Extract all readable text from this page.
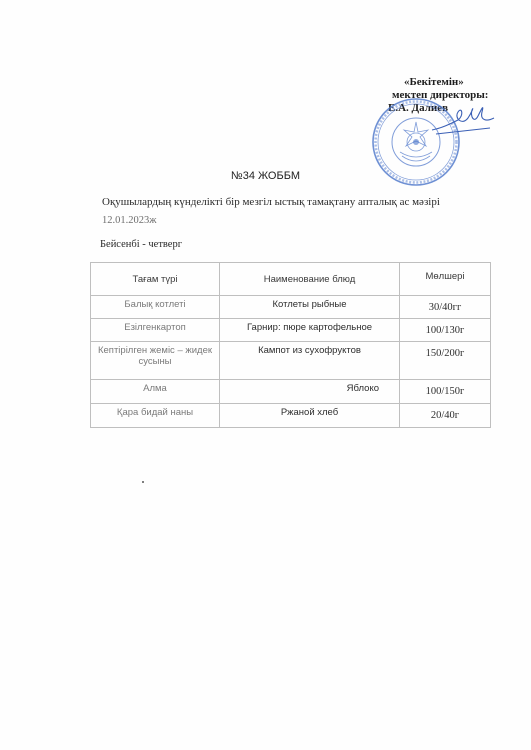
«Бекітемін»
мектеп директоры:
Е.А. Далиев
№34 ЖОББМ
Оқушылардың күнделікті бір мезгіл ыстық тамақтану апталық ас мәзірі
12.01.2023ж
Бейсенбі - четверг
Тағам түрі	Наименование блюд	Мөлшері
Балық котлеті	Котлеты рыбные	30/40гг
Езілгенкартоп	Гарнир: пюре картофельное	100/130г
Кептірілген жеміс – жидек сусыны	Кампот из сухофруктов	150/200г
Алма	Яблоко	100/150г
Қара бидай наны	Ржаной хлеб	20/40г
